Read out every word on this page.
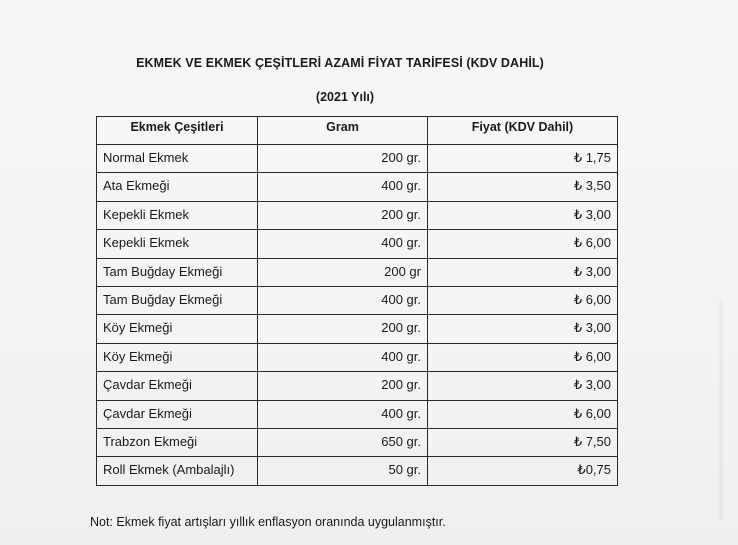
EKMEK VE EKMEK ÇEŞİTLERİ AZAMİ FİYAT TARİFESİ (KDV DAHİL)
(2021 Yılı)
Ekmek Çeşitleri	Gram	Fiyat (KDV Dahil)
Normal Ekmek	200 gr.	₺ 1,75
Ata Ekmeği	400 gr.	₺ 3,50
Kepekli Ekmek	200 gr.	₺ 3,00
Kepekli Ekmek	400 gr.	₺ 6,00
Tam Buğday Ekmeği	200 gr	₺ 3,00
Tam Buğday Ekmeği	400 gr.	₺ 6,00
Köy Ekmeği	200 gr.	₺ 3,00
Köy Ekmeği	400 gr.	₺ 6,00
Çavdar Ekmeği	200 gr.	₺ 3,00
Çavdar Ekmeği	400 gr.	₺ 6,00
Trabzon Ekmeği	650 gr.	₺ 7,50
Roll Ekmek (Ambalajlı)	50 gr.	₺0,75
Not: Ekmek fiyat artışları yıllık enflasyon oranında uygulanmıştır.
